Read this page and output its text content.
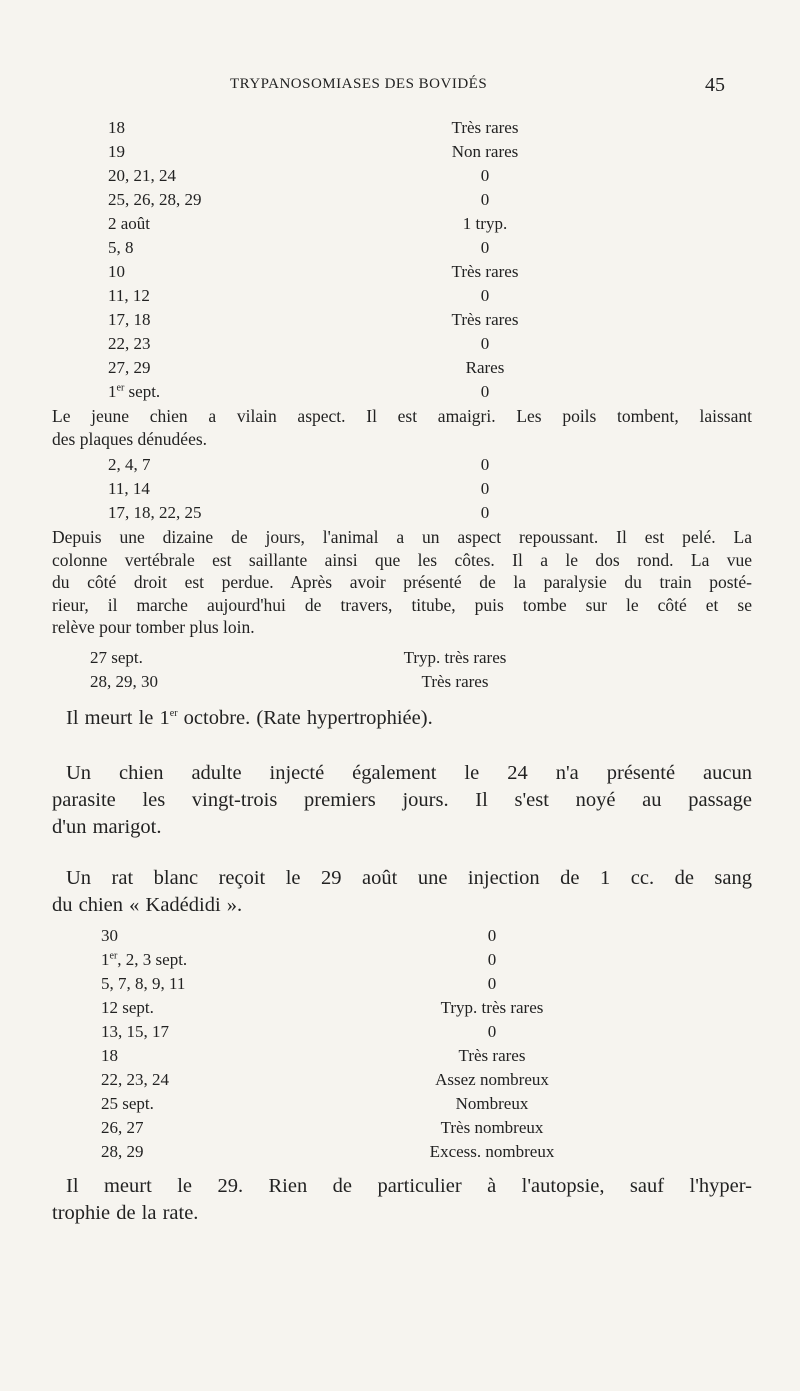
TRYPANOSOMIASES DES BOVIDÉS	45
18	Très rares
19	Non rares
20, 21, 24	0
25, 26, 28, 29	0
2 août	1 tryp.
5, 8	0
10	Très rares
11, 12	0
17, 18	Très rares
22, 23	0
27, 29	Rares
1er sept.	0
Le jeune chien a vilain aspect. Il est amaigri. Les poils tombent, laissant
des plaques dénudées.
2, 4, 7	0
11, 14	0
17, 18, 22, 25	0
Depuis une dizaine de jours, l'animal a un aspect repoussant. Il est pelé. La
colonne vertébrale est saillante ainsi que les côtes. Il a le dos rond. La vue
du côté droit est perdue. Après avoir présenté de la paralysie du train posté-
rieur, il marche aujourd'hui de travers, titube, puis tombe sur le côté et se
relève pour tomber plus loin.
27 sept.	Tryp. très rares
28, 29, 30	Très rares
Il meurt le 1er octobre. (Rate hypertrophiée).
Un chien adulte injecté également le 24 n'a présenté aucun
parasite les vingt-trois premiers jours. Il s'est noyé au passage
d'un marigot.
Un rat blanc reçoit le 29 août une injection de 1 cc. de sang
du chien « Kadédidi ».
30	0
1er, 2, 3 sept.	0
5, 7, 8, 9, 11	0
12 sept.	Tryp. très rares
13, 15, 17	0
18	Très rares
22, 23, 24	Assez nombreux
25 sept.	Nombreux
26, 27	Très nombreux
28, 29	Excess. nombreux
Il meurt le 29. Rien de particulier à l'autopsie, sauf l'hyper-
trophie de la rate.
